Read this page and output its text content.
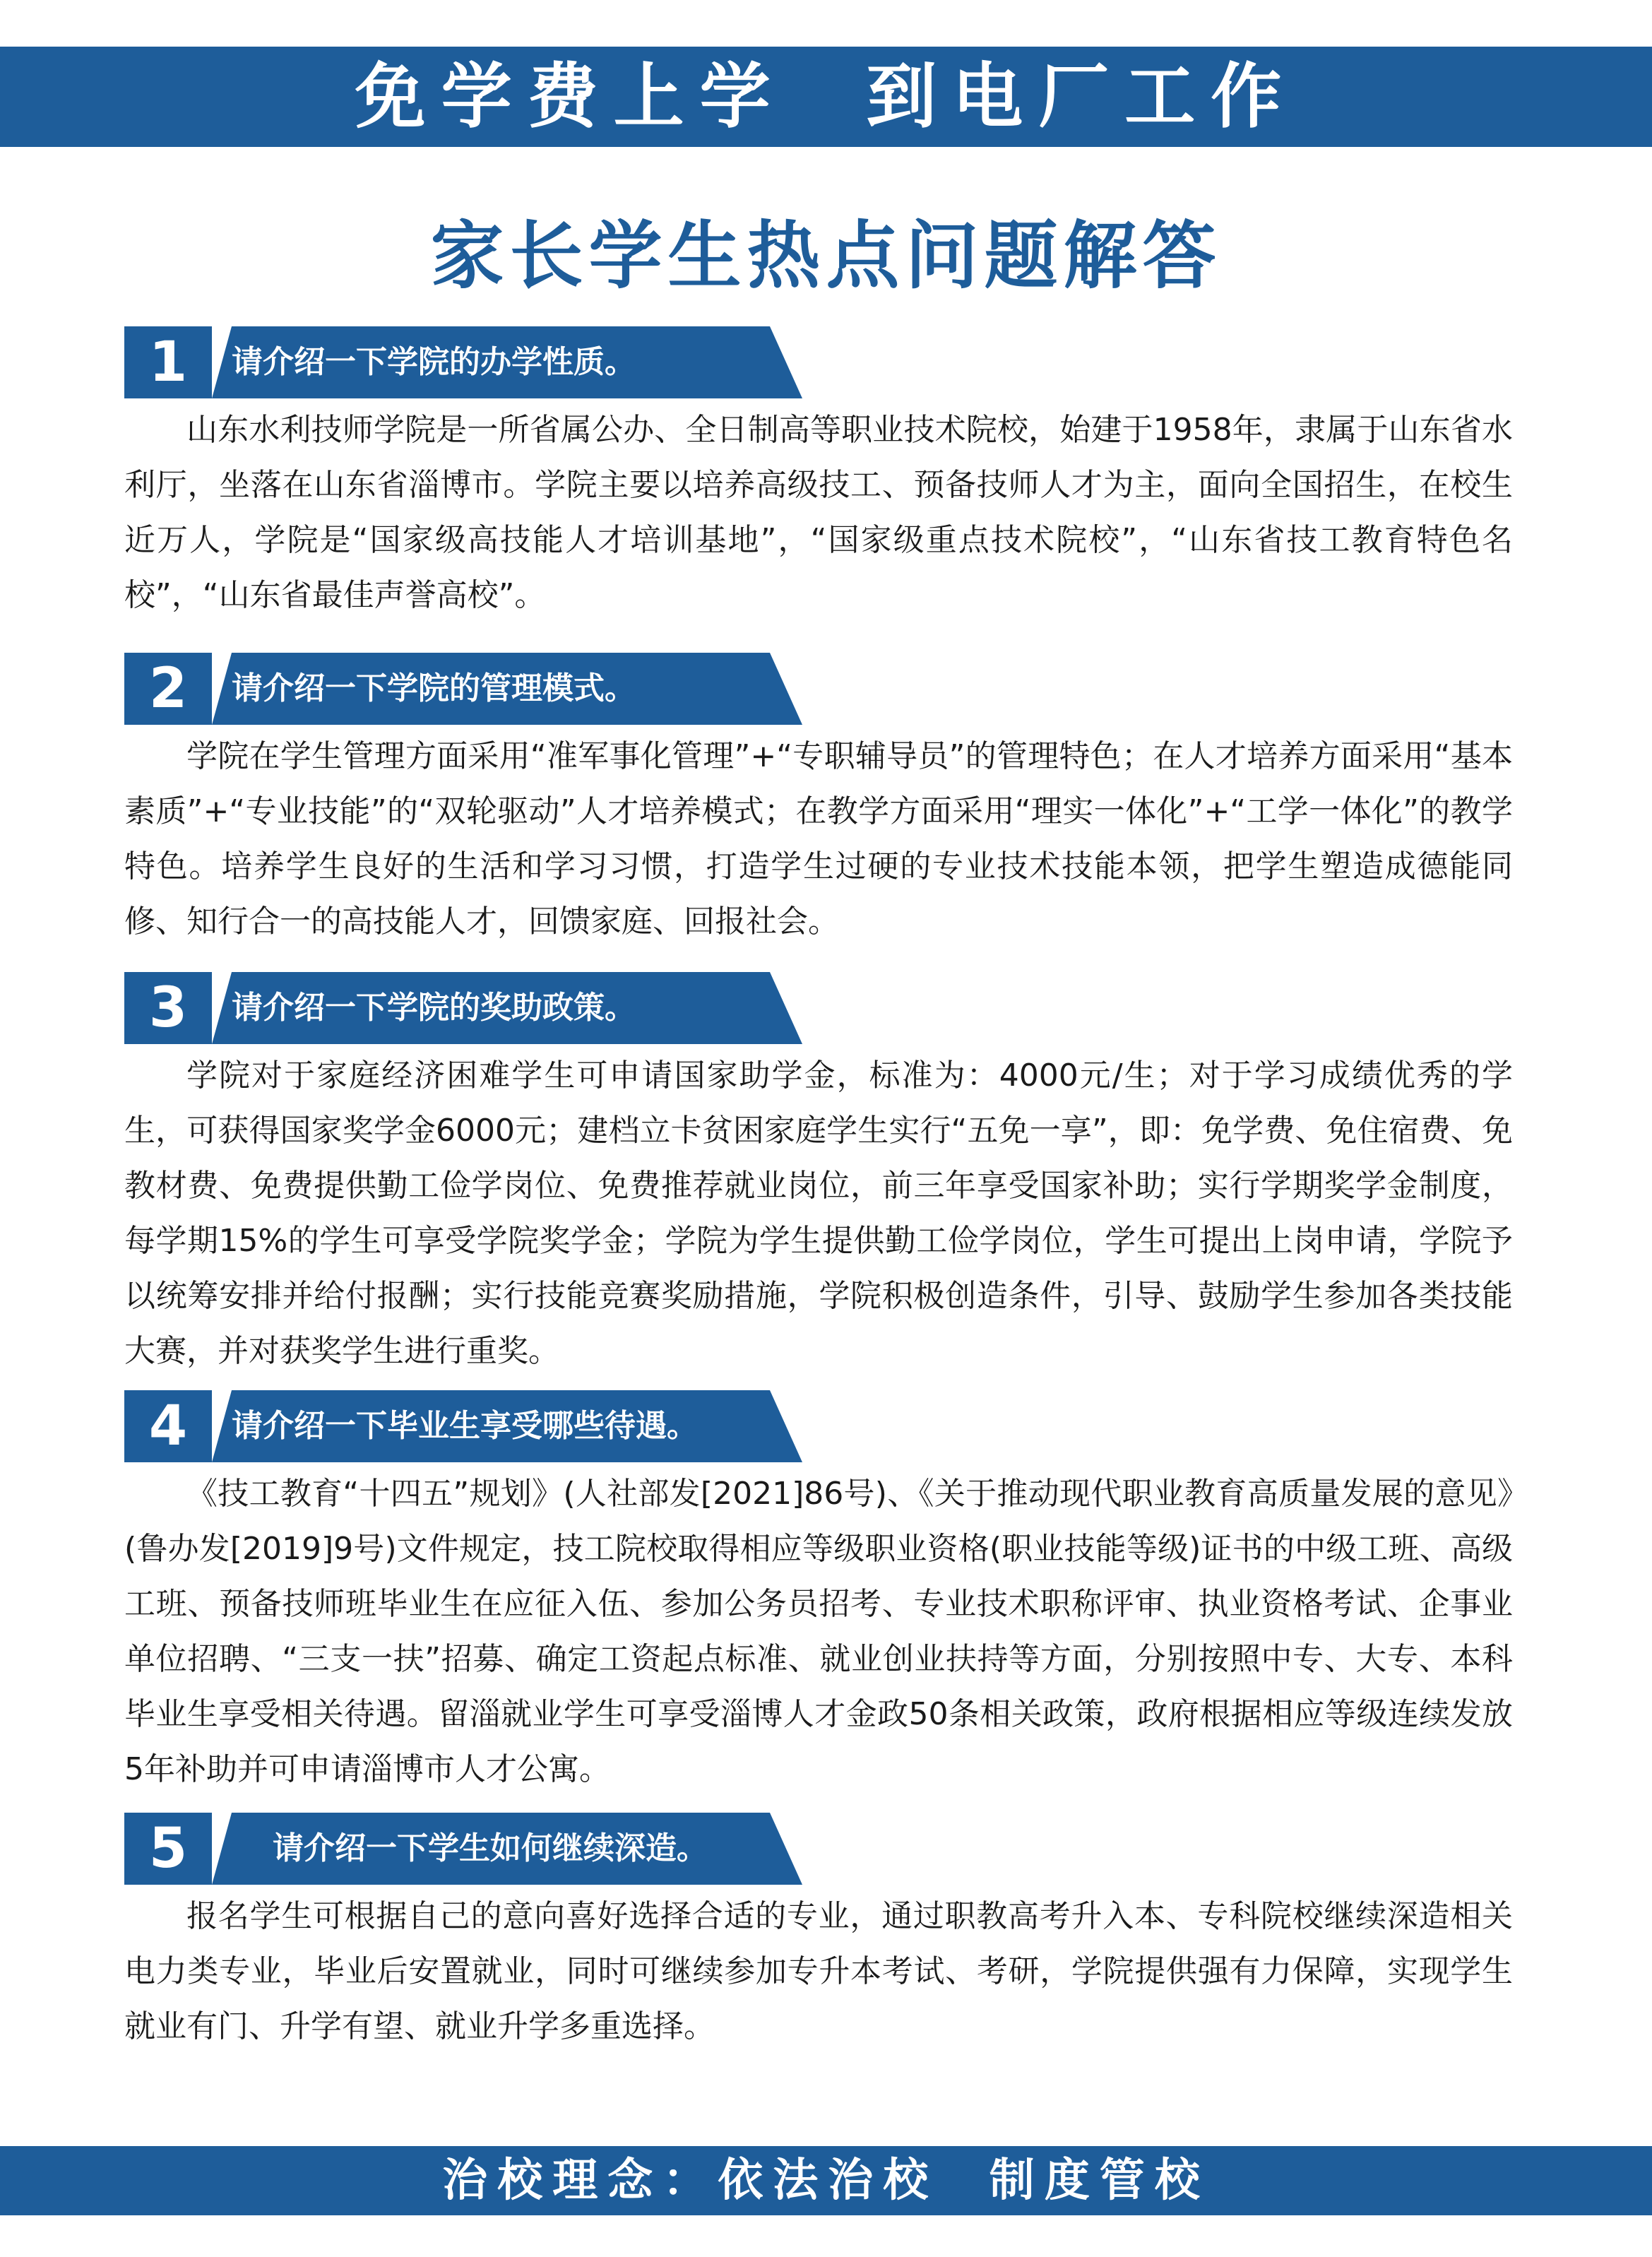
免学费上学  到电厂工作
家长学生热点问题解答
1	请介绍一下学院的办学性质。

山东水利技师学院是一所省属公办、全日制高等职业技术院校，始建于1958年，隶属于山东省水利厅，坐落在山东省淄博市。学院主要以培养高级技工、预备技师人才为主，面向全国招生，在校生近万人，学院是“国家级高技能人才培训基地”，“国家级重点技术院校”，“山东省技工教育特色名校”，“山东省最佳声誉高校”。

2	请介绍一下学院的管理模式。

学院在学生管理方面采用“准军事化管理”+“专职辅导员”的管理特色；在人才培养方面采用“基本素质”+“专业技能”的“双轮驱动”人才培养模式；在教学方面采用“理实一体化”+“工学一体化”的教学特色。培养学生良好的生活和学习习惯，打造学生过硬的专业技术技能本领，把学生塑造成德能同修、知行合一的高技能人才，回馈家庭、回报社会。

3	请介绍一下学院的奖助政策。

学院对于家庭经济困难学生可申请国家助学金，标准为：4000元/生；对于学习成绩优秀的学生，可获得国家奖学金6000元；建档立卡贫困家庭学生实行“五免一享”，即：免学费、免住宿费、免教材费、免费提供勤工俭学岗位、免费推荐就业岗位，前三年享受国家补助；实行学期奖学金制度，每学期15%的学生可享受学院奖学金；学院为学生提供勤工俭学岗位，学生可提出上岗申请，学院予以统筹安排并给付报酬；实行技能竞赛奖励措施，学院积极创造条件，引导、鼓励学生参加各类技能大赛，并对获奖学生进行重奖。

4	请介绍一下毕业生享受哪些待遇。

《技工教育“十四五”规划》(人社部发[2021]86号)、《关于推动现代职业教育高质量发展的意见》(鲁办发[2019]9号)文件规定，技工院校取得相应等级职业资格(职业技能等级)证书的中级工班、高级工班、预备技师班毕业生在应征入伍、参加公务员招考、专业技术职称评审、执业资格考试、企事业单位招聘、“三支一扶”招募、确定工资起点标准、就业创业扶持等方面，分别按照中专、大专、本科毕业生享受相关待遇。留淄就业学生可享受淄博人才金政50条相关政策，政府根据相应等级连续发放5年补助并可申请淄博市人才公寓。

5	请介绍一下学生如何继续深造。

报名学生可根据自己的意向喜好选择合适的专业，通过职教高考升入本、专科院校继续深造相关电力类专业，毕业后安置就业，同时可继续参加专升本考试、考研，学院提供强有力保障，实现学生就业有门、升学有望、就业升学多重选择。

治校理念：依法治校  制度管校
